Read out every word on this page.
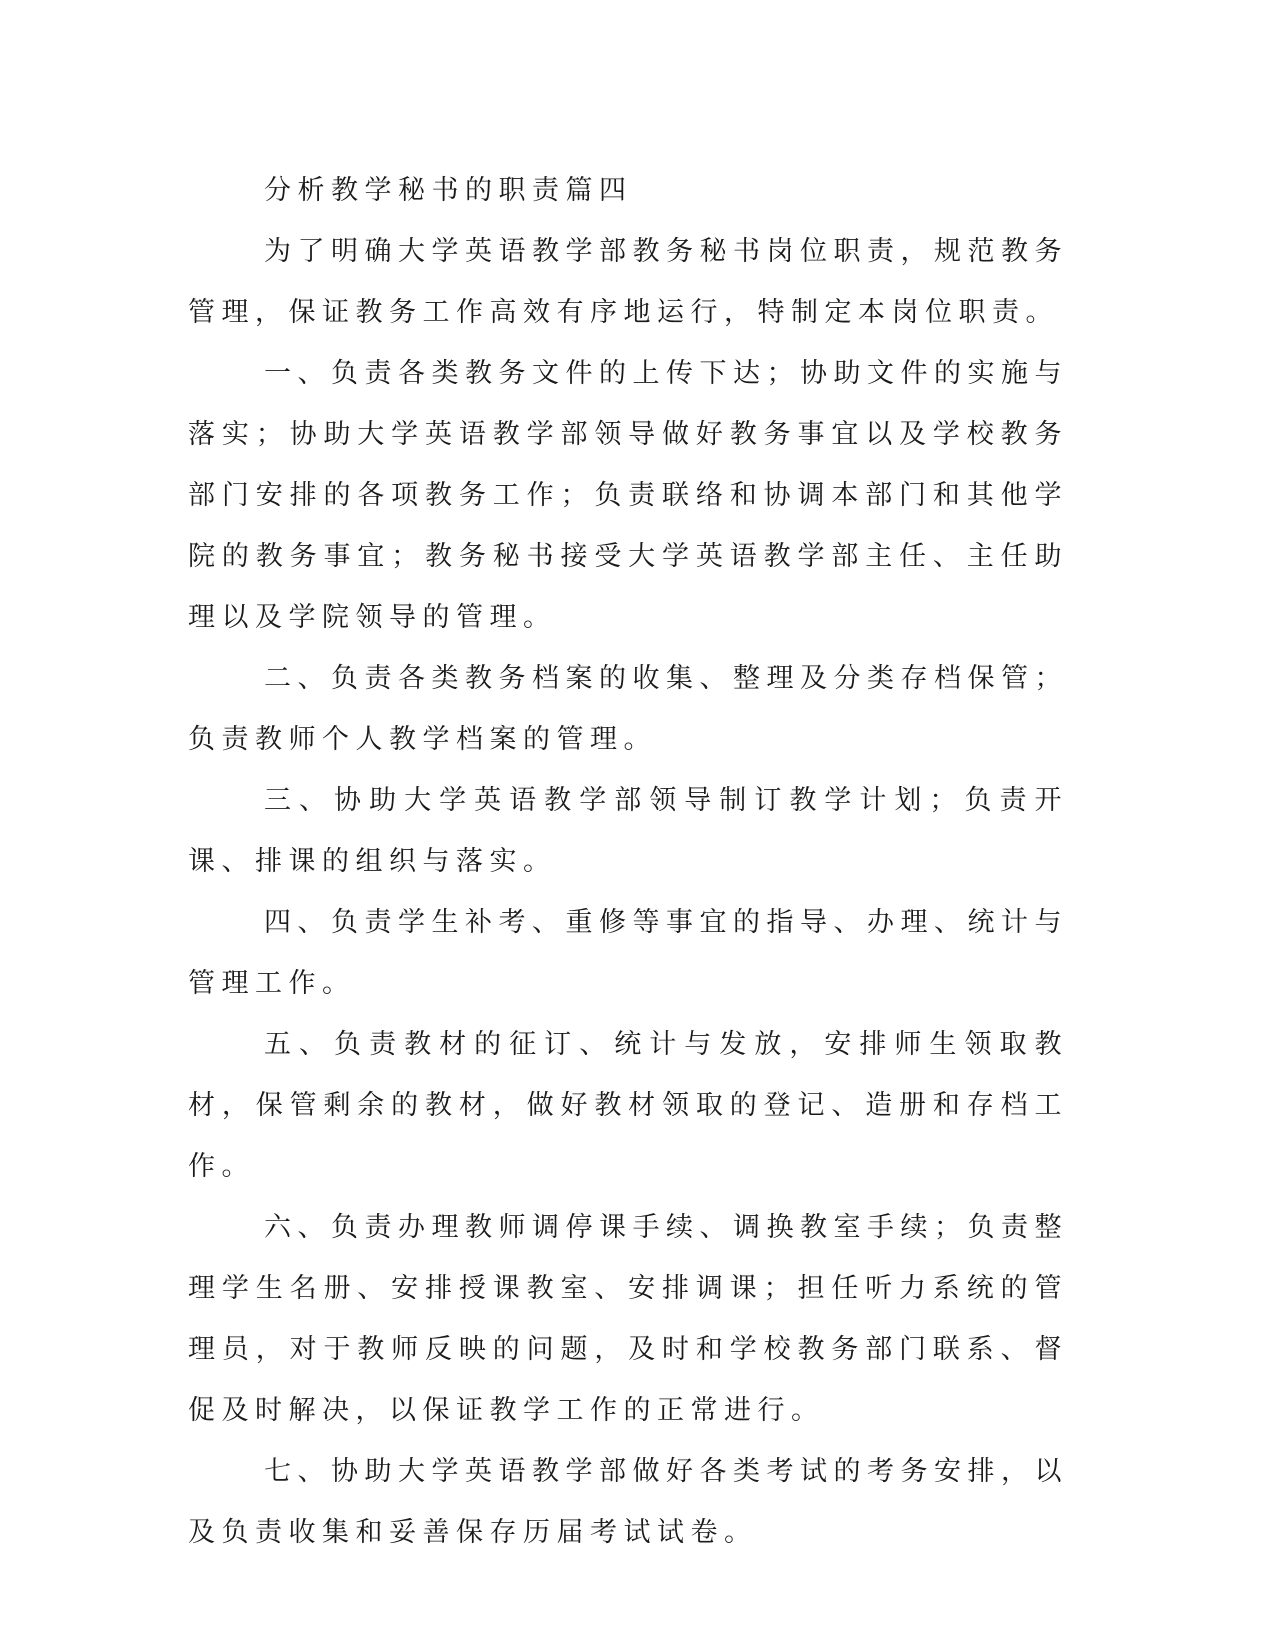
分析教学秘书的职责篇四

为了明确大学英语教学部教务秘书岗位职责，规范教务管理，保证教务工作高效有序地运行，特制定本岗位职责。

一、负责各类教务文件的上传下达；协助文件的实施与落实；协助大学英语教学部领导做好教务事宜以及学校教务部门安排的各项教务工作；负责联络和协调本部门和其他学院的教务事宜；教务秘书接受大学英语教学部主任、主任助理以及学院领导的管理。

二、负责各类教务档案的收集、整理及分类存档保管；负责教师个人教学档案的管理。

三、协助大学英语教学部领导制订教学计划；负责开课、排课的组织与落实。

四、负责学生补考、重修等事宜的指导、办理、统计与管理工作。

五、负责教材的征订、统计与发放，安排师生领取教材，保管剩余的教材，做好教材领取的登记、造册和存档工作。

六、负责办理教师调停课手续、调换教室手续；负责整理学生名册、安排授课教室、安排调课；担任听力系统的管理员，对于教师反映的问题，及时和学校教务部门联系、督促及时解决，以保证教学工作的正常进行。

七、协助大学英语教学部做好各类考试的考务安排，以及负责收集和妥善保存历届考试试卷。
